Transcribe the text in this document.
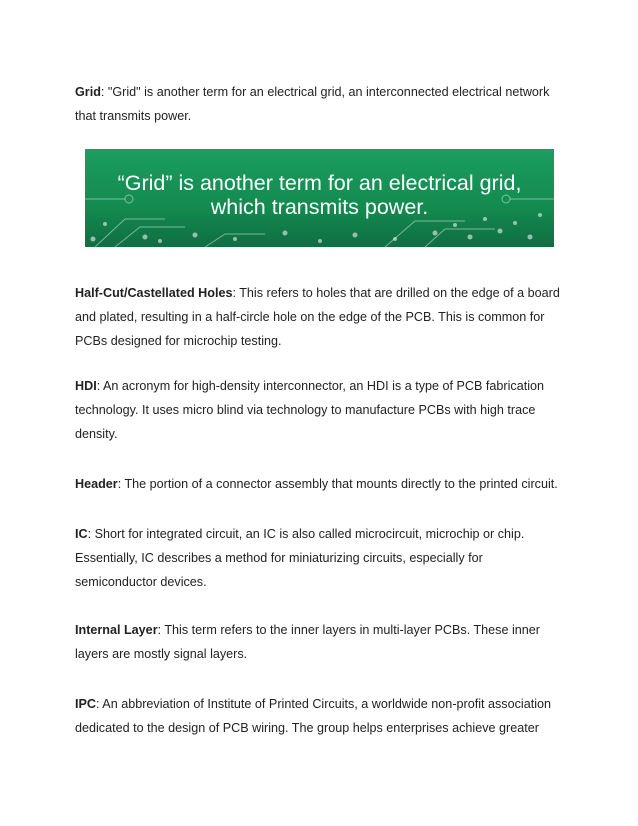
Grid: "Grid" is another term for an electrical grid, an interconnected electrical network that transmits power.

“Grid” is another term for an electrical grid,
which transmits power.

Half-Cut/Castellated Holes: This refers to holes that are drilled on the edge of a board and plated, resulting in a half-circle hole on the edge of the PCB. This is common for PCBs designed for microchip testing.

HDI: An acronym for high-density interconnector, an HDI is a type of PCB fabrication technology. It uses micro blind via technology to manufacture PCBs with high trace density.

Header: The portion of a connector assembly that mounts directly to the printed circuit.

IC: Short for integrated circuit, an IC is also called microcircuit, microchip or chip. Essentially, IC describes a method for miniaturizing circuits, especially for semiconductor devices.

Internal Layer: This term refers to the inner layers in multi-layer PCBs. These inner layers are mostly signal layers.

IPC: An abbreviation of Institute of Printed Circuits, a worldwide non-profit association dedicated to the design of PCB wiring. The group helps enterprises achieve greater
